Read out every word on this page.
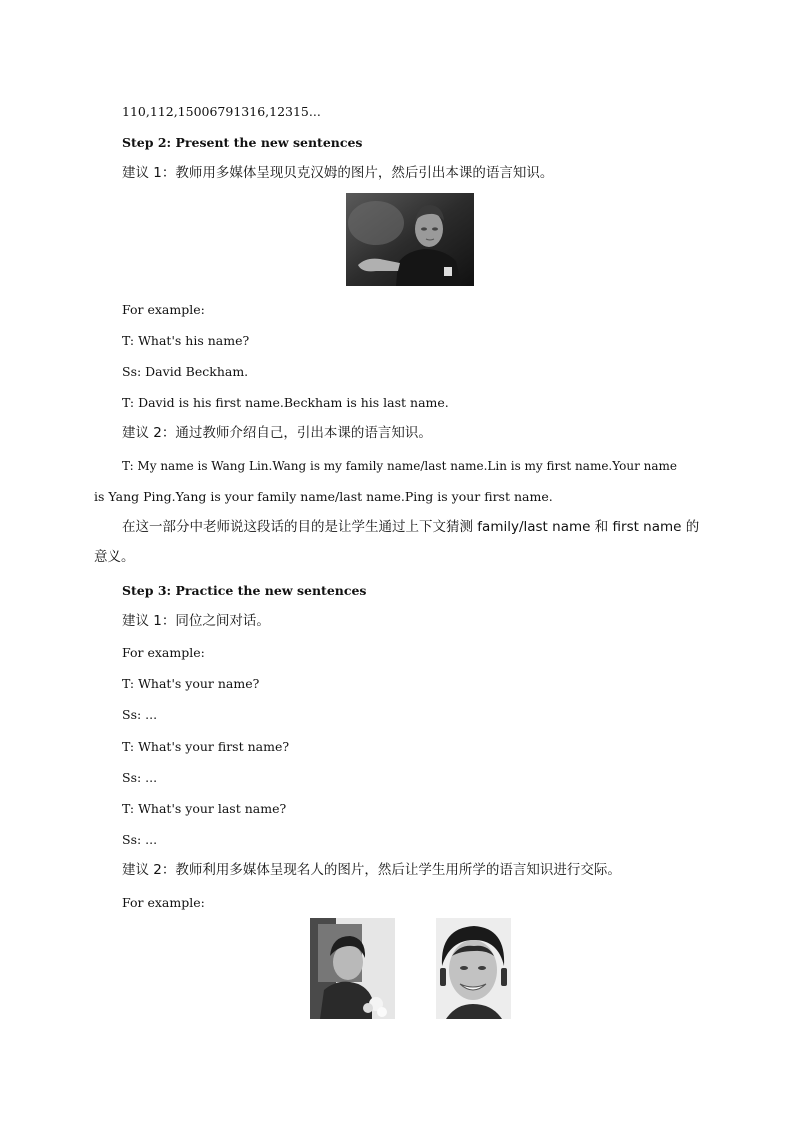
110,112,15006791316,12315...
Step 2: Present the new sentences
建议 1：教师用多媒体呈现贝克汉姆的图片，然后引出本课的语言知识。
For example:
T: What's his name?
Ss: David Beckham.
T: David is his first name.Beckham is his last name.
建议 2：通过教师介绍自己，引出本课的语言知识。
T: My name is Wang Lin.Wang is my family name/last name.Lin is my first name.Your name
is Yang Ping.Yang is your family name/last name.Ping is your first name.
在这一部分中老师说这段话的目的是让学生通过上下文猜测 family/last name 和 first name 的
意义。
Step 3: Practice the new sentences
建议 1：同位之间对话。
For example:
T: What's your name?
Ss: ...
T: What's your first name?
Ss: ...
T: What's your last name?
Ss: ...
建议 2：教师利用多媒体呈现名人的图片，然后让学生用所学的语言知识进行交际。
For example:
